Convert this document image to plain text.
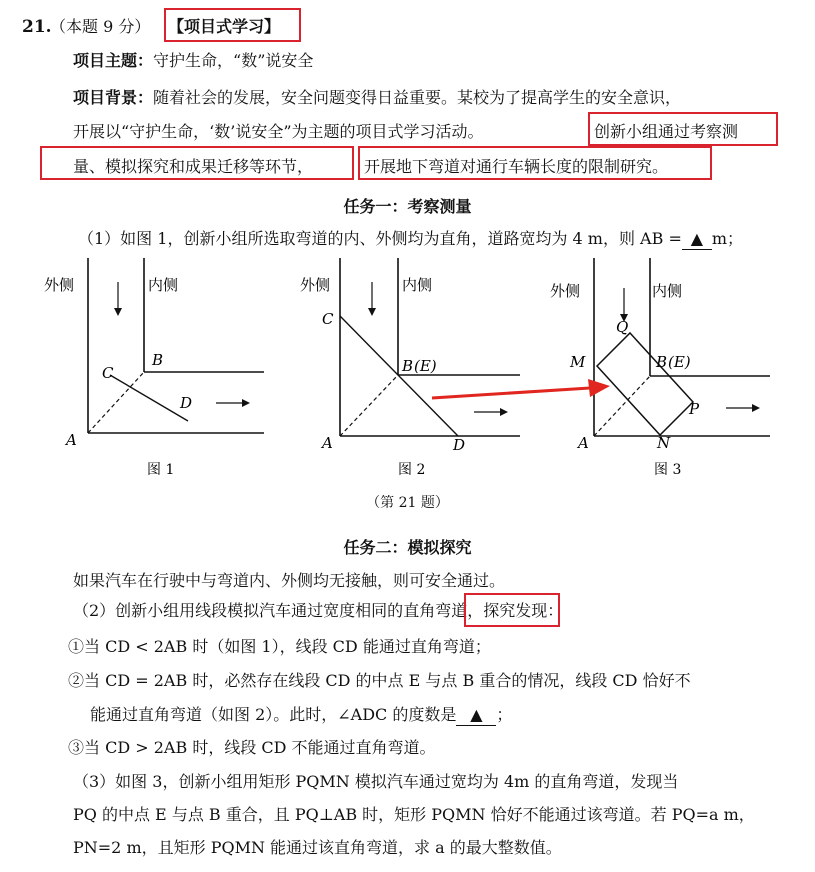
21.
（本题 9 分） 【项目式学习】
项目主题：守护生命，“数”说安全
项目背景：随着社会的发展，安全问题变得日益重要。某校为了提高学生的安全意识，
开展以“守护生命，‘数’说安全”为主题的项目式学习活动。	创新小组通过考察测
量、模拟探究和成果迁移等环节，	开展地下弯道对通行车辆长度的限制研究。
任务一：考察测量
（1）如图 1，创新小组所选取弯道的内、外侧均为直角，道路宽均为 4 m，则 AB = ▲ m；
外侧	内侧
A
B
C
D
图 1
外侧	内侧
A
B (E)
C
D
图 2
外侧	内侧
M
Q
B (E)
P
N
A
图 3
（第 21 题）
任务二：模拟探究
如果汽车在行驶中与弯道内、外侧均无接触，则可安全通过。
（2）创新小组用线段模拟汽车通过宽度相同的直角弯道，探究发现：
①当 CD < 2AB 时（如图 1），线段 CD 能通过直角弯道；
②当 CD = 2AB 时，必然存在线段 CD 的中点 E 与点 B 重合的情况，线段 CD 恰好不
能通过直角弯道（如图 2）。此时，∠ADC 的度数是 ▲ ；
③当 CD > 2AB 时，线段 CD 不能通过直角弯道。
（3）如图 3，创新小组用矩形 PQMN 模拟汽车通过宽均为 4m 的直角弯道，发现当
PQ 的中点 E 与点 B 重合，且 PQ⊥AB 时，矩形 PQMN 恰好不能通过该弯道。若 PQ=a m，
PN=2 m，且矩形 PQMN 能通过该直角弯道，求 a 的最大整数值。
